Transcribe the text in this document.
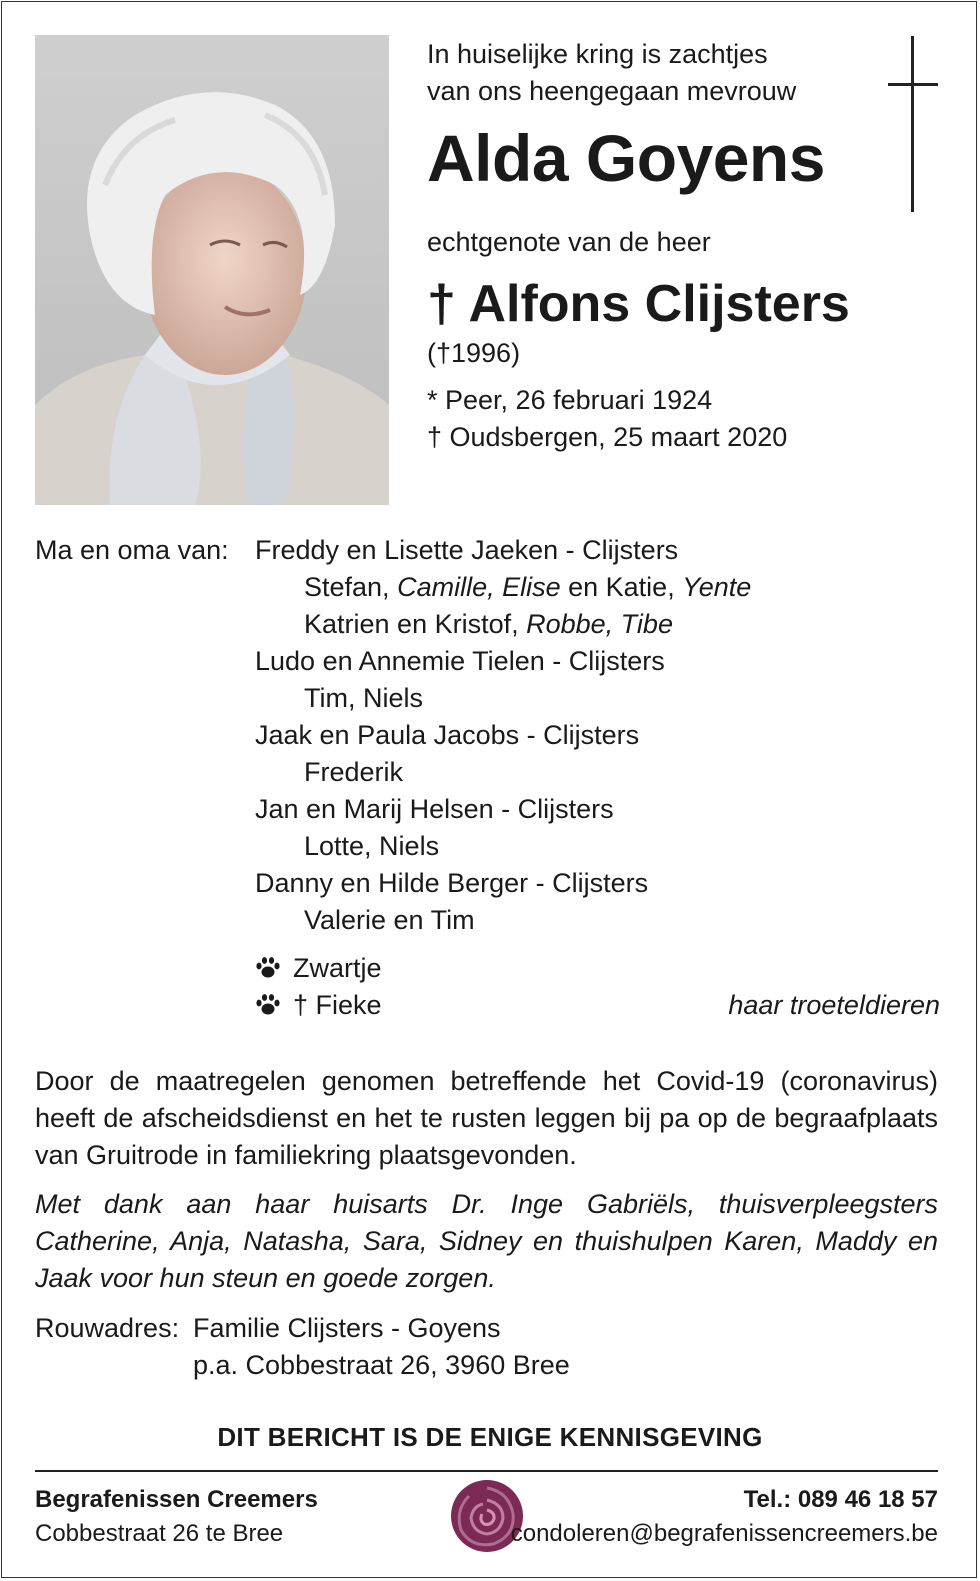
In huiselijke kring is zachtjes
van ons heengegaan mevrouw
Alda Goyens
echtgenote van de heer
† Alfons Clijsters
(†1996)
* Peer, 26 februari 1924
† Oudsbergen, 25 maart 2020
Ma en oma van: Freddy en Lisette Jaeken - Clijsters
Stefan, Camille, Elise en Katie, Yente
Katrien en Kristof, Robbe, Tibe
Ludo en Annemie Tielen - Clijsters
Tim, Niels
Jaak en Paula Jacobs - Clijsters
Frederik
Jan en Marij Helsen - Clijsters
Lotte, Niels
Danny en Hilde Berger - Clijsters
Valerie en Tim
Zwartje
† Fieke	haar troeteldieren
Door de maatregelen genomen betreffende het Covid-19 (coronavirus) heeft de afscheidsdienst en het te rusten leggen bij pa op de begraafplaats van Gruitrode in familiekring plaatsgevonden.
Met dank aan haar huisarts Dr. Inge Gabriëls, thuisverpleegsters Catherine, Anja, Natasha, Sara, Sidney en thuishulpen Karen, Maddy en Jaak voor hun steun en goede zorgen.
Rouwadres: Familie Clijsters - Goyens
p.a. Cobbestraat 26, 3960 Bree
DIT BERICHT IS DE ENIGE KENNISGEVING
Begrafenissen Creemers
Cobbestraat 26 te Bree
Tel.: 089 46 18 57
condoleren@begrafenissencreemers.be
